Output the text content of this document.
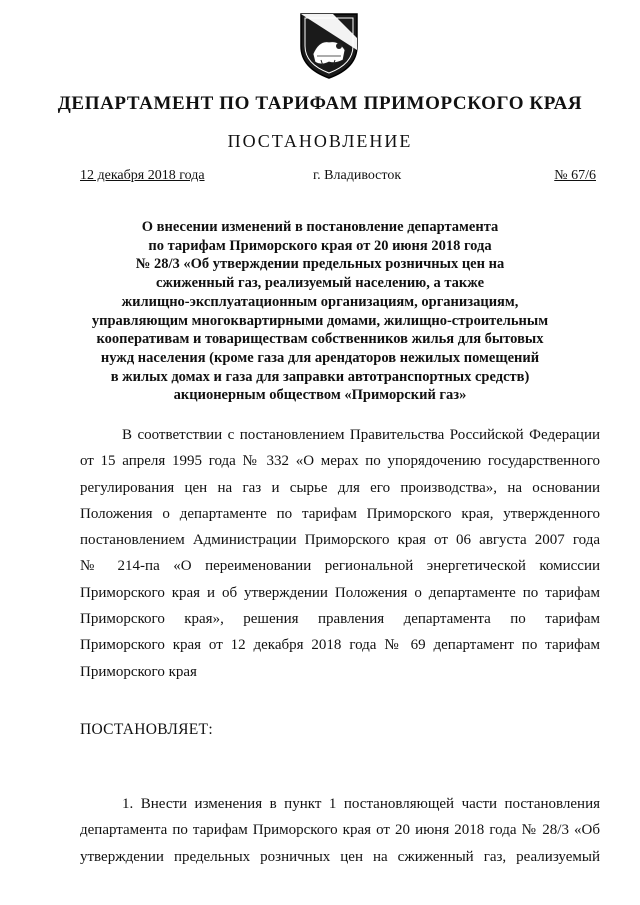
ДЕПАРТАМЕНТ ПО ТАРИФАМ ПРИМОРСКОГО КРАЯ
ПОСТАНОВЛЕНИЕ
12 декабря 2018 года	г. Владивосток	№ 67/6
О внесении изменений в постановление департамента
по тарифам Приморского края от 20 июня 2018 года
№ 28/3 «Об утверждении предельных розничных цен на
сжиженный газ, реализуемый населению, а также
жилищно-эксплуатационным организациям, организациям,
управляющим многоквартирными домами, жилищно-строительным
кооперативам и товариществам собственников жилья для бытовых
нужд населения (кроме газа для арендаторов нежилых помещений
в жилых домах и газа для заправки автотранспортных средств)
акционерным обществом «Приморский газ»
В соответствии с постановлением Правительства Российской Федерации
от 15 апреля 1995 года № 332 «О мерах по упорядочению государственного
регулирования цен на газ и сырье для его производства», на основании
Положения о департаменте по тарифам Приморского края, утвержденного
постановлением Администрации Приморского края от 06 августа 2007 года
№ 214-па «О переименовании региональной энергетической комиссии
Приморского края и об утверждении Положения о департаменте по тарифам
Приморского края», решения правления департамента по тарифам
Приморского края от 12 декабря 2018 года № 69 департамент по тарифам
Приморского края
ПОСТАНОВЛЯЕТ:
1. Внести изменения в пункт 1 постановляющей части постановления
департамента по тарифам Приморского края от 20 июня 2018 года № 28/3 «Об
утверждении предельных розничных цен на сжиженный газ, реализуемый
